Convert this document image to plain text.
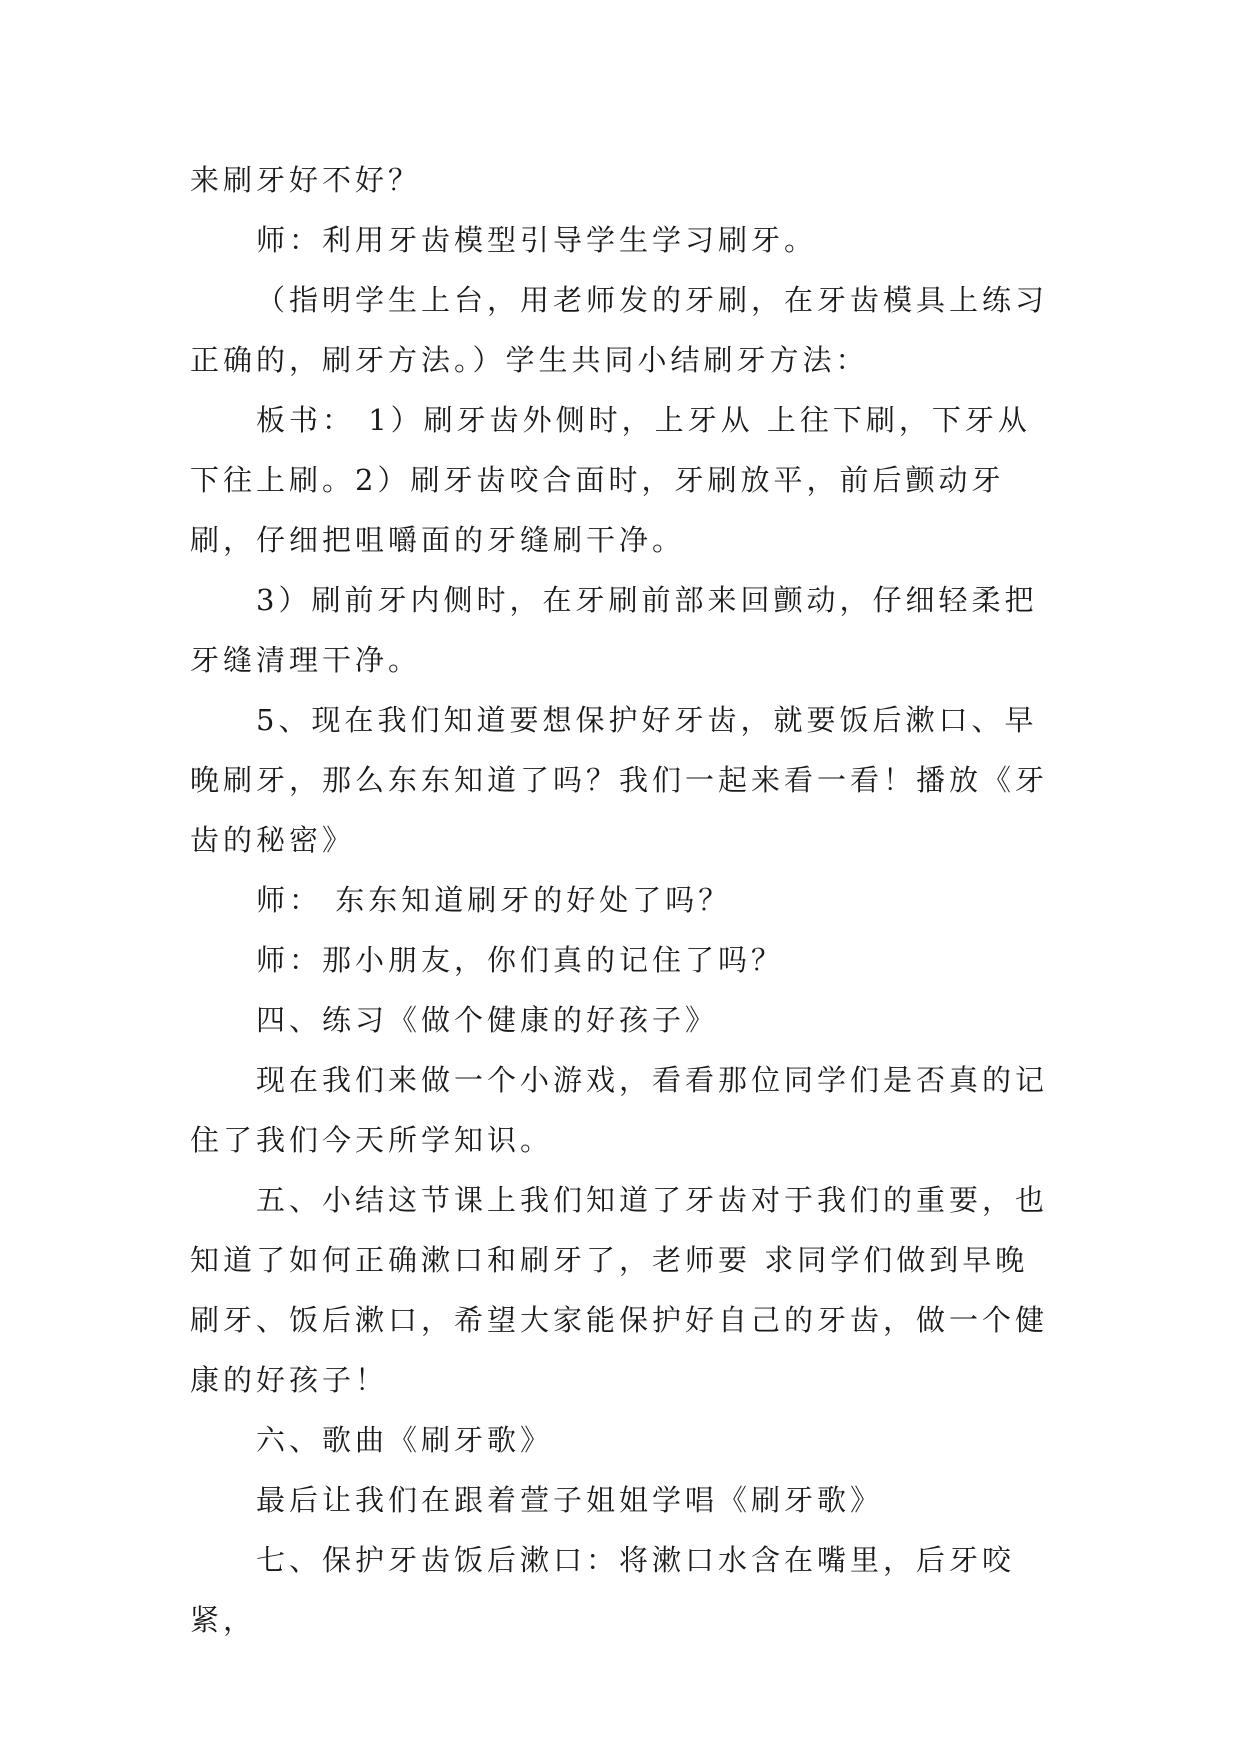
来刷牙好不好？

师：利用牙齿模型引导学生学习刷牙。

（指明学生上台，用老师发的牙刷，在牙齿模具上练习正确的，刷牙方法。）学生共同小结刷牙方法：

板书： 1）刷牙齿外侧时，上牙从 上往下刷，下牙从下往上刷。2）刷牙齿咬合面时，牙刷放平，前后颤动牙刷，仔细把咀嚼面的牙缝刷干净。

3）刷前牙内侧时，在牙刷前部来回颤动，仔细轻柔把牙缝清理干净。

5、现在我们知道要想保护好牙齿，就要饭后漱口、早晚刷牙，那么东东知道了吗？我们一起来看一看！播放《牙齿的秘密》

师： 东东知道刷牙的好处了吗？

师：那小朋友，你们真的记住了吗？

四、练习《做个健康的好孩子》

现在我们来做一个小游戏，看看那位同学们是否真的记住了我们今天所学知识。

五、小结这节课上我们知道了牙齿对于我们的重要，也知道了如何正确漱口和刷牙了，老师要 求同学们做到早晚刷牙、饭后漱口，希望大家能保护好自己的牙齿，做一个健康的好孩子！

六、歌曲《刷牙歌》

最后让我们在跟着萱子姐姐学唱《刷牙歌》

七、保护牙齿饭后漱口：将漱口水含在嘴里，后牙咬紧，
